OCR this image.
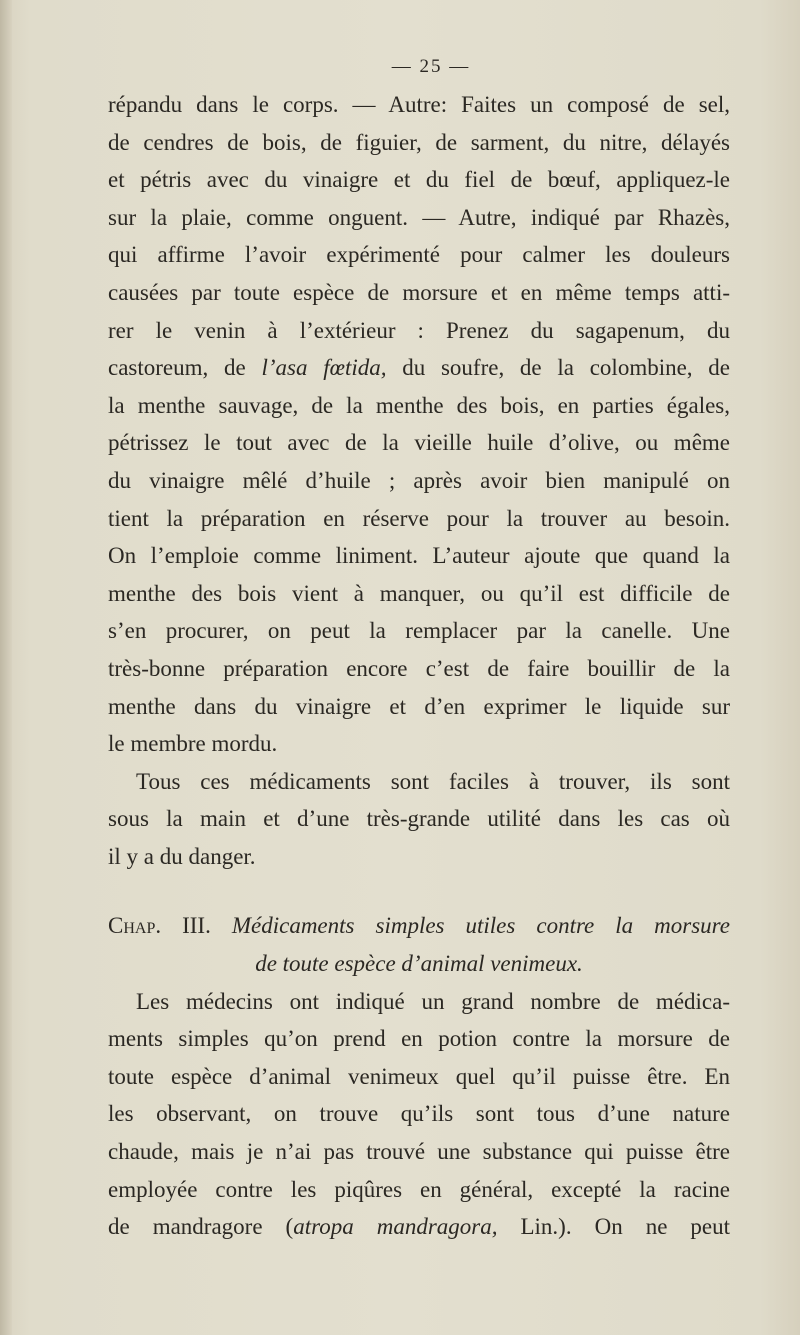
— 25 —
répandu dans le corps. — Autre: Faites un composé de sel,
de cendres de bois, de figuier, de sarment, du nitre, délayés
et pétris avec du vinaigre et du fiel de bœuf, appliquez-le
sur la plaie, comme onguent. — Autre, indiqué par Rhazès,
qui affirme l’avoir expérimenté pour calmer les douleurs
causées par toute espèce de morsure et en même temps atti-
rer le venin à l’extérieur : Prenez du sagapenum, du
castoreum, de l’asa fœtida, du soufre, de la colombine, de
la menthe sauvage, de la menthe des bois, en parties égales,
pétrissez le tout avec de la vieille huile d’olive, ou même
du vinaigre mêlé d’huile ; après avoir bien manipulé on
tient la préparation en réserve pour la trouver au besoin.
On l’emploie comme liniment. L’auteur ajoute que quand la
menthe des bois vient à manquer, ou qu’il est difficile de
s’en procurer, on peut la remplacer par la canelle. Une
très-bonne préparation encore c’est de faire bouillir de la
menthe dans du vinaigre et d’en exprimer le liquide sur
le membre mordu.
Tous ces médicaments sont faciles à trouver, ils sont
sous la main et d’une très-grande utilité dans les cas où
il y a du danger.
Chap. III. Médicaments simples utiles contre la morsure
de toute espèce d’animal venimeux.
Les médecins ont indiqué un grand nombre de médica-
ments simples qu’on prend en potion contre la morsure de
toute espèce d’animal venimeux quel qu’il puisse être. En
les observant, on trouve qu’ils sont tous d’une nature
chaude, mais je n’ai pas trouvé une substance qui puisse être
employée contre les piqûres en général, excepté la racine
de mandragore (atropa mandragora, Lin.). On ne peut
